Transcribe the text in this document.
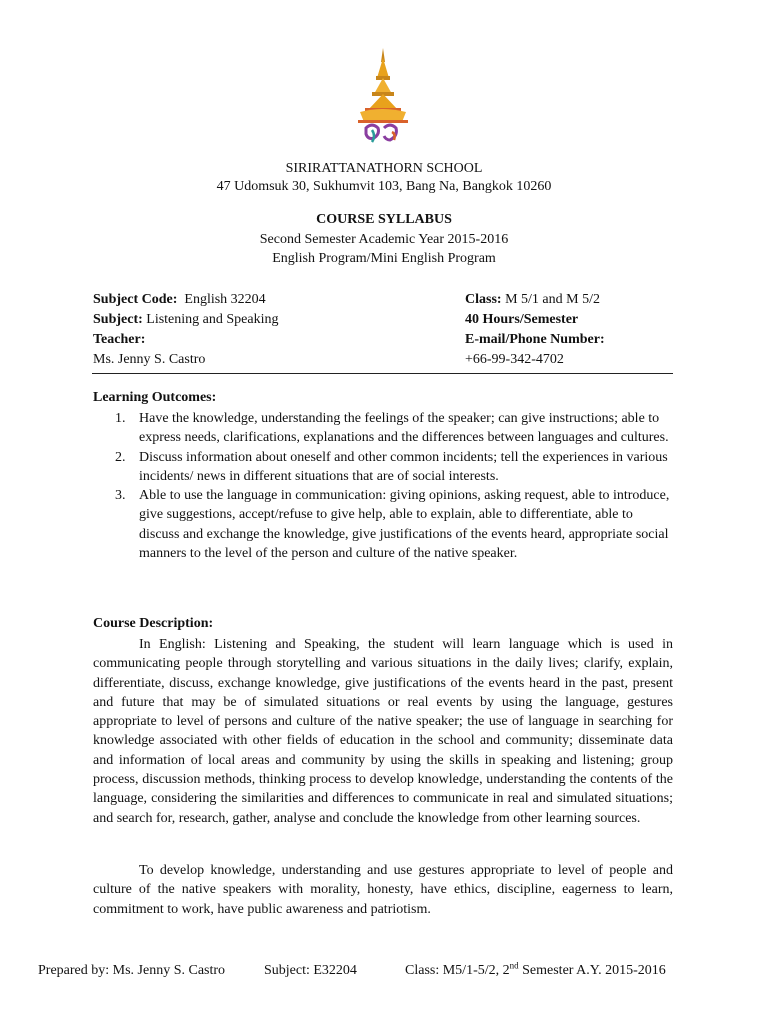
SIRIRATTANATHORN SCHOOL
47 Udomsuk 30, Sukhumvit 103, Bang Na, Bangkok 10260
COURSE SYLLABUS
Second Semester Academic Year 2015-2016
English Program/Mini English Program
Subject Code: English 32204	Class: M 5/1 and M 5/2
Subject: Listening and Speaking	40 Hours/Semester
Teacher:	E-mail/Phone Number:
Ms. Jenny S. Castro	+66-99-342-4702
Learning Outcomes:
1. Have the knowledge, understanding the feelings of the speaker; can give instructions; able to express needs, clarifications, explanations and the differences between languages and cultures.
2. Discuss information about oneself and other common incidents; tell the experiences in various incidents/ news in different situations that are of social interests.
3. Able to use the language in communication: giving opinions, asking request, able to introduce, give suggestions, accept/refuse to give help, able to explain, able to differentiate, able to discuss and exchange the knowledge, give justifications of the events heard, appropriate social manners to the level of the person and culture of the native speaker.
Course Description:
In English: Listening and Speaking, the student will learn language which is used in communicating people through storytelling and various situations in the daily lives; clarify, explain, differentiate, discuss, exchange knowledge, give justifications of the events heard in the past, present and future that may be of simulated situations or real events by using the language, gestures appropriate to level of persons and culture of the native speaker; the use of language in searching for knowledge associated with other fields of education in the school and community; disseminate data and information of local areas and community by using the skills in speaking and listening; group process, discussion methods, thinking process to develop knowledge, understanding the contents of the language, considering the similarities and differences to communicate in real and simulated situations; and search for, research, gather, analyse and conclude the knowledge from other learning sources.
To develop knowledge, understanding and use gestures appropriate to level of people and culture of the native speakers with morality, honesty, have ethics, discipline, eagerness to learn, commitment to work, have public awareness and patriotism.
Prepared by: Ms. Jenny S. Castro	Subject: E32204	Class: M5/1-5/2, 2nd Semester A.Y. 2015-2016
